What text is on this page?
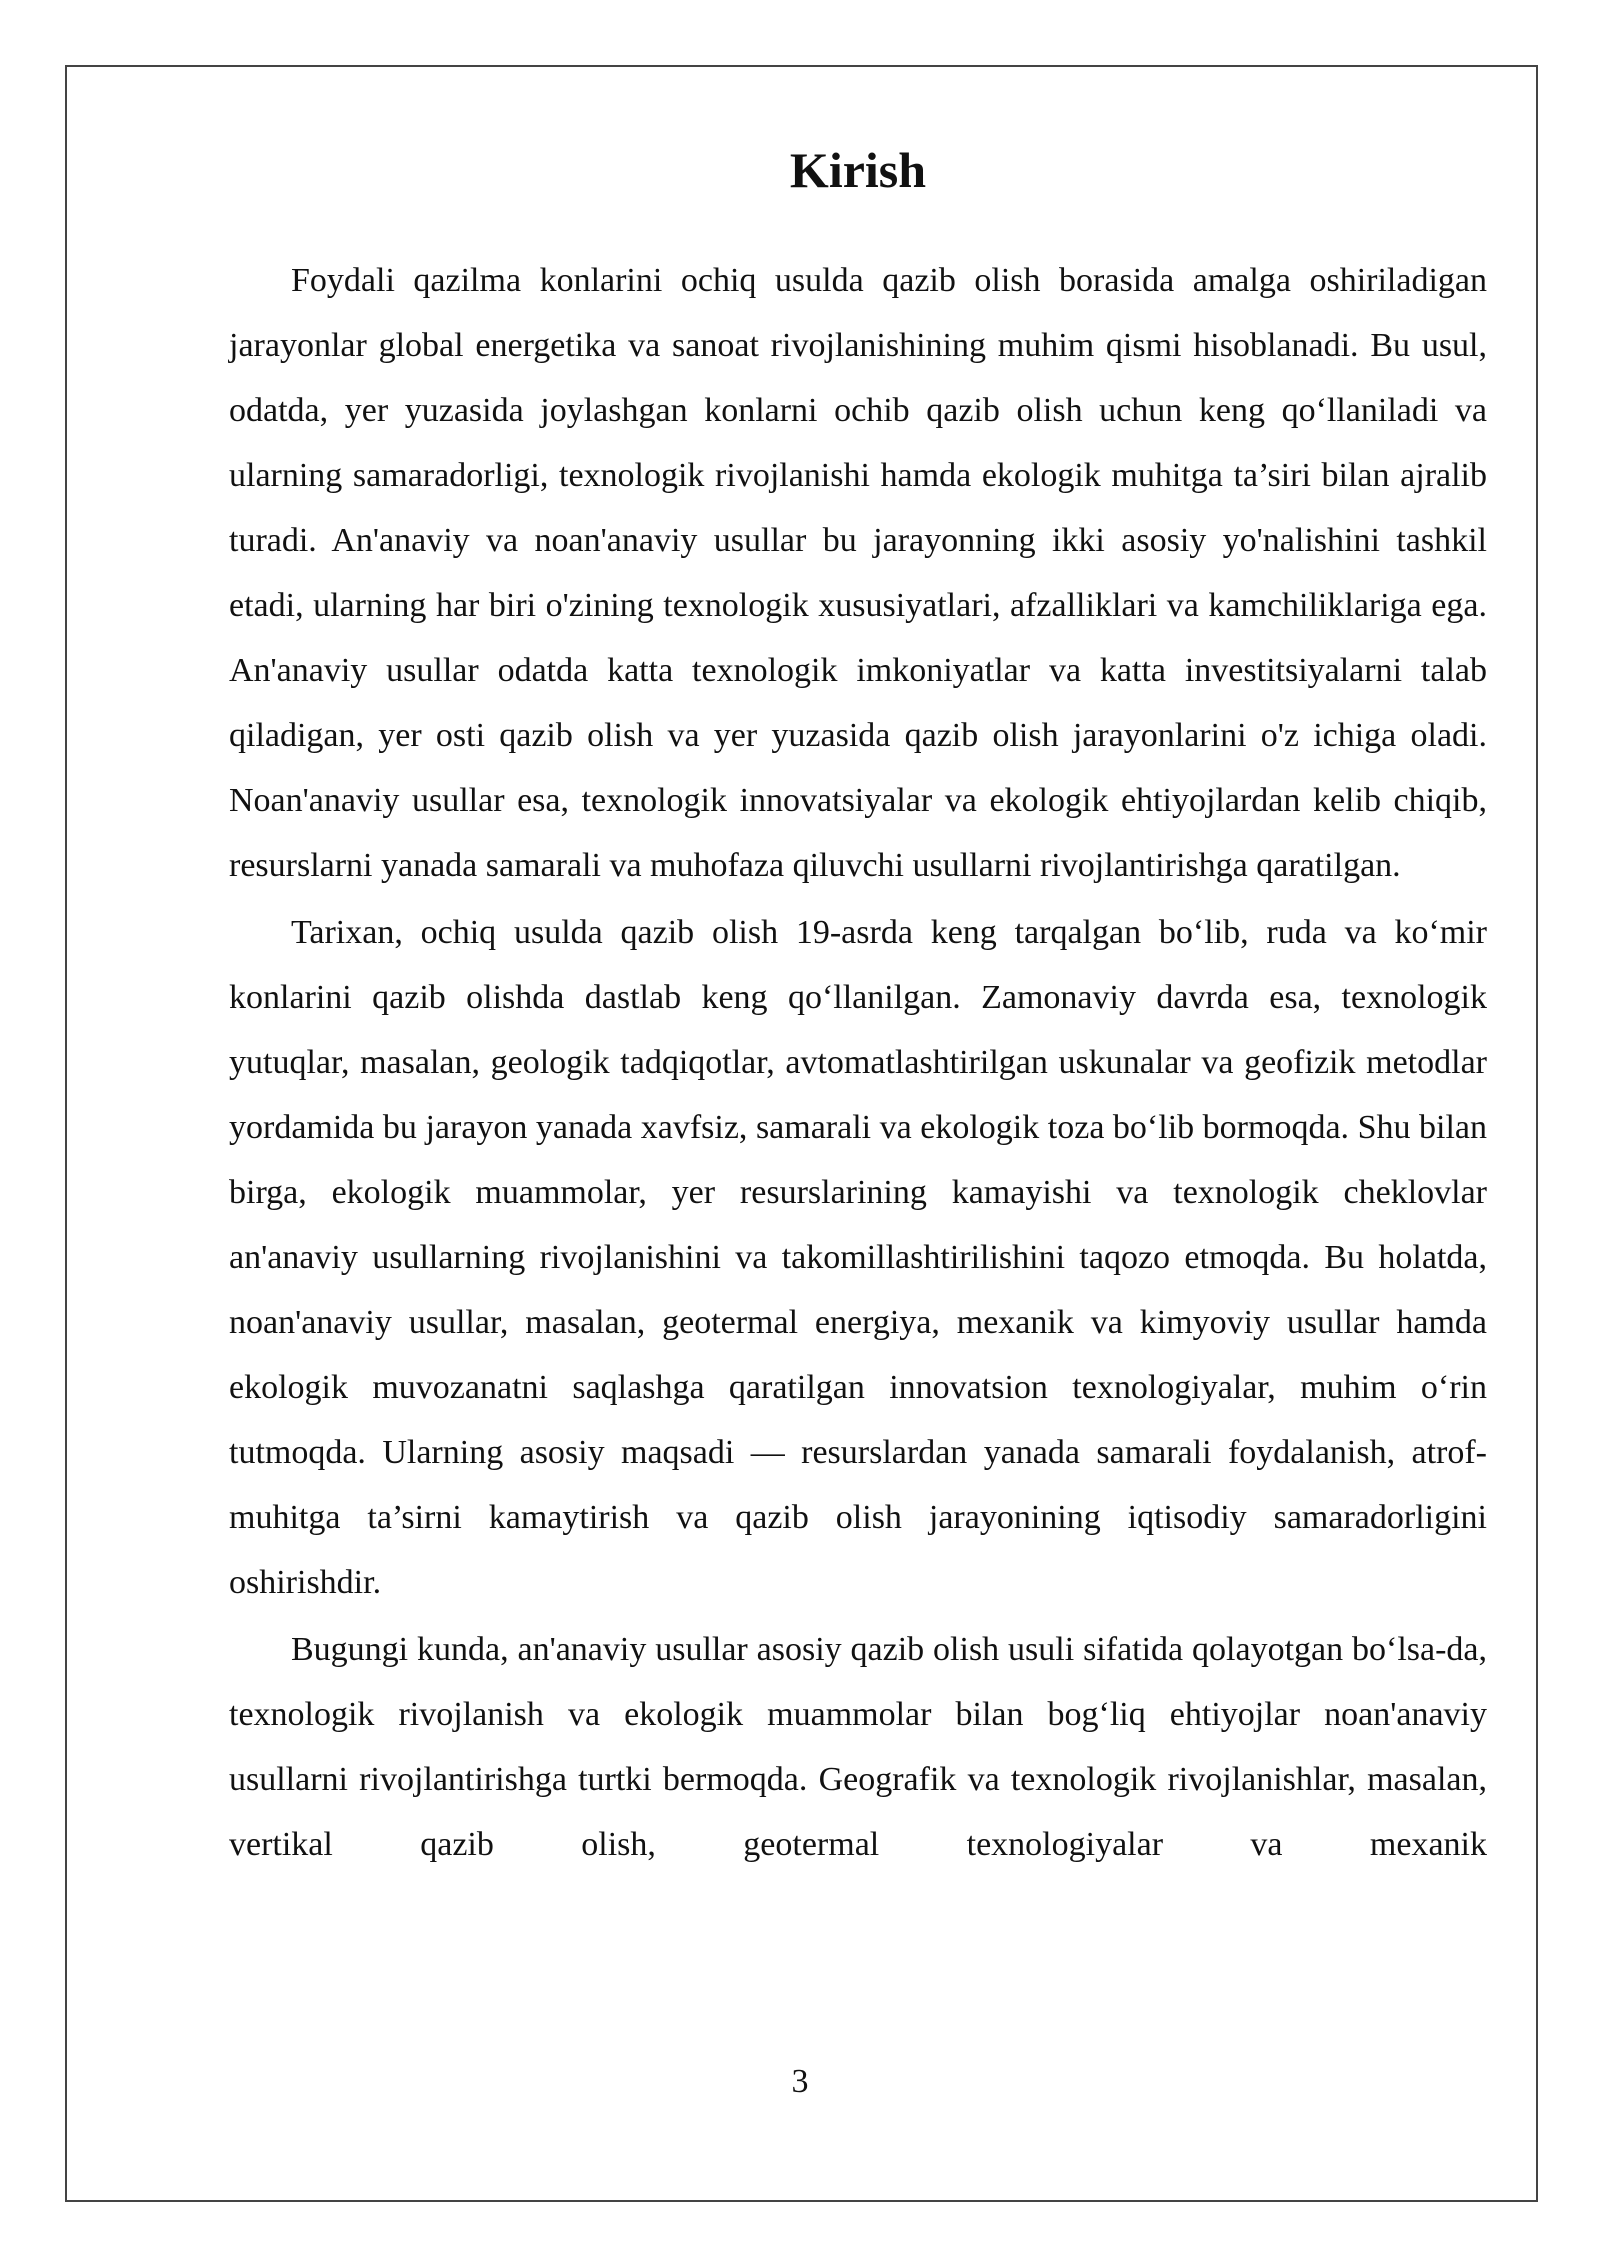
Kirish

Foydali qazilma konlarini ochiq usulda qazib olish borasida amalga oshiriladigan jarayonlar global energetika va sanoat rivojlanishining muhim qismi hisoblanadi. Bu usul, odatda, yer yuzasida joylashgan konlarni ochib qazib olish uchun keng qo‘llaniladi va ularning samaradorligi, texnologik rivojlanishi hamda ekologik muhitga ta’siri bilan ajralib turadi. An'anaviy va noan'anaviy usullar bu jarayonning ikki asosiy yo'nalishini tashkil etadi, ularning har biri o'zining texnologik xususiyatlari, afzalliklari va kamchiliklariga ega. An'anaviy usullar odatda katta texnologik imkoniyatlar va katta investitsiyalarni talab qiladigan, yer osti qazib olish va yer yuzasida qazib olish jarayonlarini o'z ichiga oladi. Noan'anaviy usullar esa, texnologik innovatsiyalar va ekologik ehtiyojlardan kelib chiqib, resurslarni yanada samarali va muhofaza qiluvchi usullarni rivojlantirishga qaratilgan.

Tarixan, ochiq usulda qazib olish 19-asrda keng tarqalgan bo‘lib, ruda va ko‘mir konlarini qazib olishda dastlab keng qo‘llanilgan. Zamonaviy davrda esa, texnologik yutuqlar, masalan, geologik tadqiqotlar, avtomatlashtirilgan uskunalar va geofizik metodlar yordamida bu jarayon yanada xavfsiz, samarali va ekologik toza bo‘lib bormoqda. Shu bilan birga, ekologik muammolar, yer resurslarining kamayishi va texnologik cheklovlar an'anaviy usullarning rivojlanishini va takomillashtirilishini taqozo etmoqda. Bu holatda, noan'anaviy usullar, masalan, geotermal energiya, mexanik va kimyoviy usullar hamda ekologik muvozanatni saqlashga qaratilgan innovatsion texnologiyalar, muhim o‘rin tutmoqda. Ularning asosiy maqsadi — resurslardan yanada samarali foydalanish, atrof-muhitga ta’sirni kamaytirish va qazib olish jarayonining iqtisodiy samaradorligini oshirishdir.

Bugungi kunda, an'anaviy usullar asosiy qazib olish usuli sifatida qolayotgan bo‘lsa-da, texnologik rivojlanish va ekologik muammolar bilan bog‘liq ehtiyojlar noan'anaviy usullarni rivojlantirishga turtki bermoqda. Geografik va texnologik rivojlanishlar, masalan, vertikal qazib olish, geotermal texnologiyalar va mexanik

3
